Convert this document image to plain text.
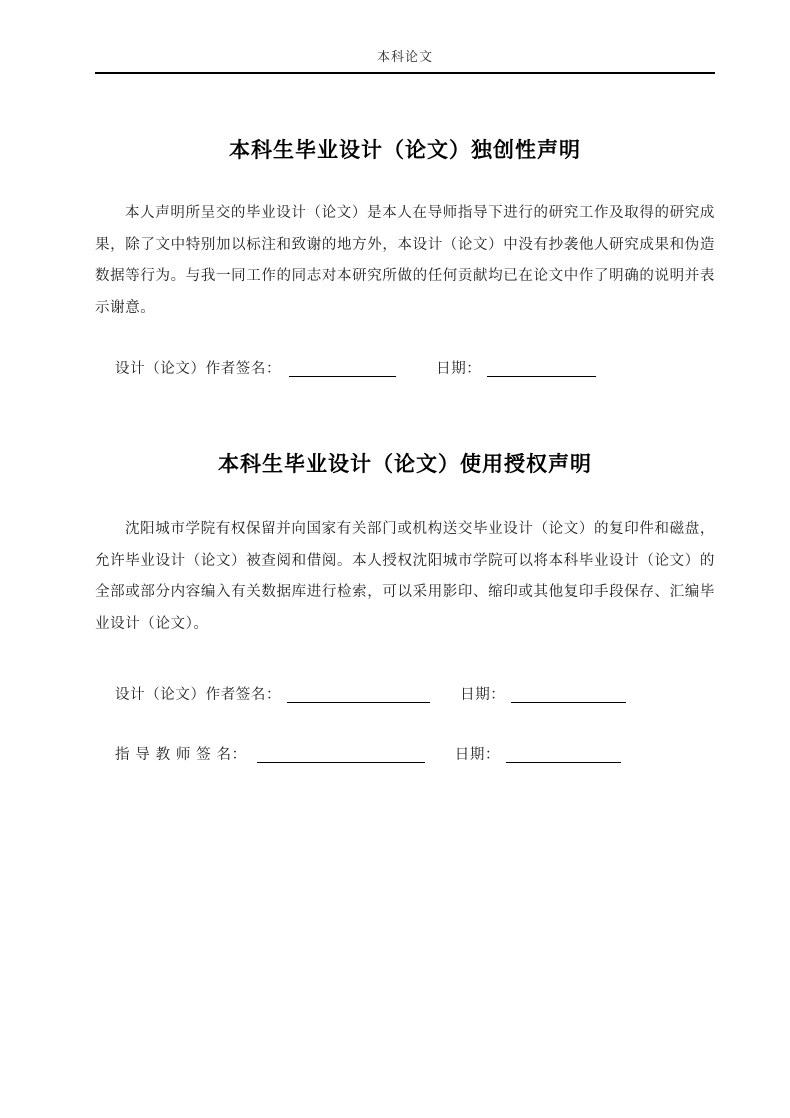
本科论文
本科生毕业设计（论文）独创性声明

本人声明所呈交的毕业设计（论文）是本人在导师指导下进行的研究工作及取得的研究成果，除了文中特别加以标注和致谢的地方外，本设计（论文）中没有抄袭他人研究成果和伪造数据等行为。与我一同工作的同志对本研究所做的任何贡献均已在论文中作了明确的说明并表示谢意。

设计（论文）作者签名：	日期：
本科生毕业设计（论文）使用授权声明

沈阳城市学院有权保留并向国家有关部门或机构送交毕业设计（论文）的复印件和磁盘，允许毕业设计（论文）被查阅和借阅。本人授权沈阳城市学院可以将本科毕业设计（论文）的全部或部分内容编入有关数据库进行检索，可以采用影印、缩印或其他复印手段保存、汇编毕业设计（论文）。

设计（论文）作者签名：	日期：
指 导 教 师 签 名：	日期：
